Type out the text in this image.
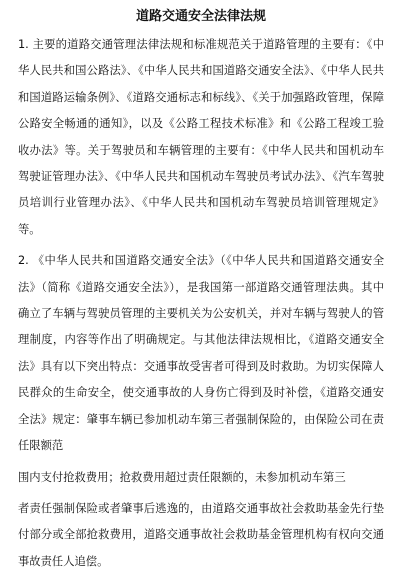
道路交通安全法律法规

1. 主要的道路交通管理法律法规和标准规范关于道路管理的主要有：《中华人民共和国公路法》、《中华人民共和国道路交通安全法》、《中华人民共和国道路运输条例》、《道路交通标志和标线》、《关于加强路政管理，保障公路安全畅通的通知》，以及《公路工程技术标准》和《公路工程竣工验收办法》等。关于驾驶员和车辆管理的主要有：《中华人民共和国机动车驾驶证管理办法》、《中华人民共和国机动车驾驶员考试办法》、《汽车驾驶员培训行业管理办法》、《中华人民共和国机动车驾驶员培训管理规定》等。

2. 《中华人民共和国道路交通安全法》（《中华人民共和国道路交通安全法》（简称《道路交通安全法》），是我国第一部道路交通管理法典。其中确立了车辆与驾驶员管理的主要机关为公安机关，并对车辆与驾驶人的管理制度，内容等作出了明确规定。与其他法律法规相比，《道路交通安全法》具有以下突出特点：交通事故受害者可得到及时救助。为切实保障人民群众的生命安全，使交通事故的人身伤亡得到及时补偿，《道路交通安全法》规定：肇事车辆已参加机动车第三者强制保险的，由保险公司在责任限额范

围内支付抢救费用；抢救费用超过责任限额的，未参加机动车第三

者责任强制保险或者肇事后逃逸的，由道路交通事故社会救助基金先行垫付部分或全部抢救费用，道路交通事故社会救助基金管理机构有权向交通事故责任人追偿。
